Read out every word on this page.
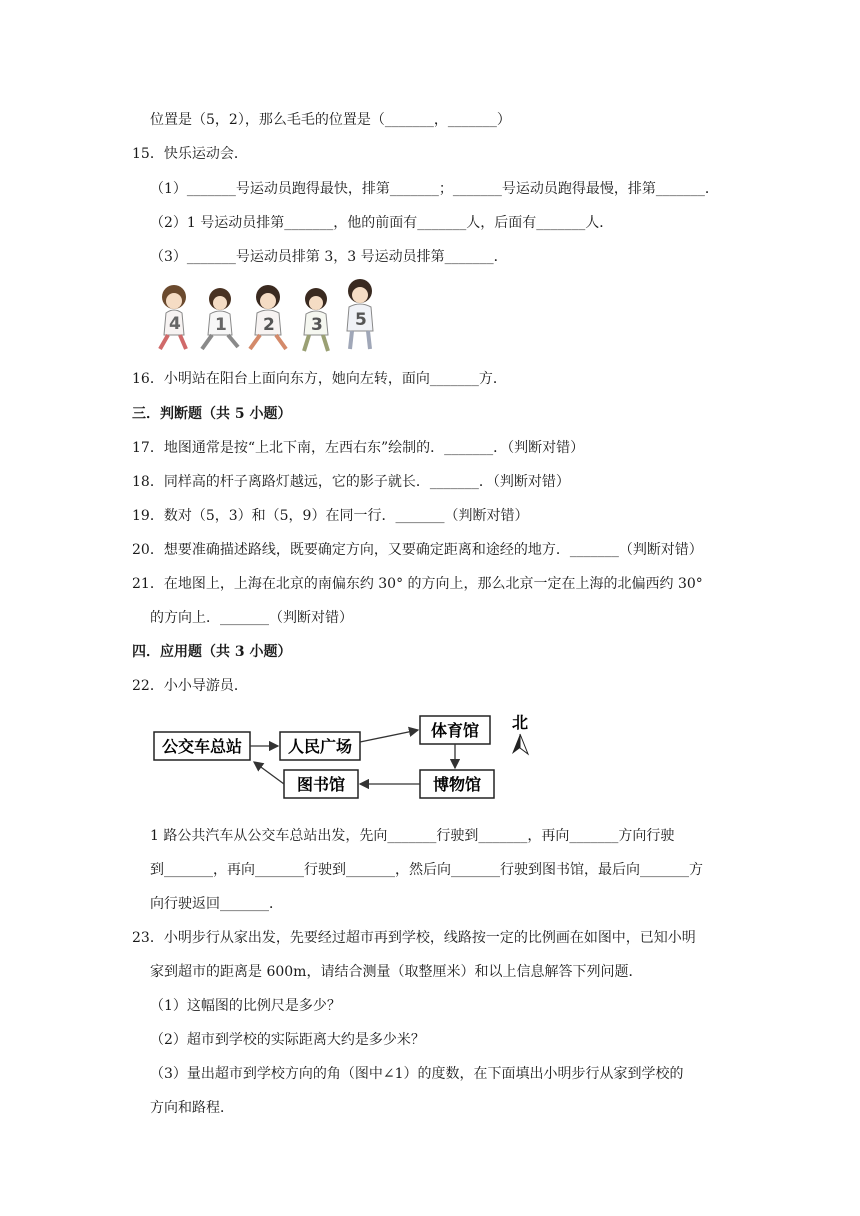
位置是（5，2），那么毛毛的位置是（_______，_______）
15．快乐运动会．
（1）_______号运动员跑得最快，排第_______；_______号运动员跑得最慢，排第_______．
（2）1 号运动员排第_______，他的前面有_______人，后面有_______人．
（3）_______号运动员排第 3，3 号运动员排第_______．
4 1 2 3 5
16．小明站在阳台上面向东方，她向左转，面向_______方．
三．判断题（共 5 小题）
17．地图通常是按“上北下南，左西右东”绘制的．_______．（判断对错）
18．同样高的杆子离路灯越远，它的影子就长．_______．（判断对错）
19．数对（5，3）和（5，9）在同一行．_______（判断对错）
20．想要准确描述路线，既要确定方向，又要确定距离和途经的地方．_______（判断对错）
21．在地图上，上海在北京的南偏东约 30° 的方向上，那么北京一定在上海的北偏西约 30°
的方向上．_______（判断对错）
四．应用题（共 3 小题）
22．小小导游员．
公交车总站	人民广场
体育馆
博物馆
图书馆
北
1 路公共汽车从公交车总站出发，先向_______行驶到_______，再向_______方向行驶
到_______，再向_______行驶到_______，然后向_______行驶到图书馆，最后向_______方
向行驶返回_______．
23．小明步行从家出发，先要经过超市再到学校，线路按一定的比例画在如图中，已知小明
家到超市的距离是 600m，请结合测量（取整厘米）和以上信息解答下列问题．
（1）这幅图的比例尺是多少？
（2）超市到学校的实际距离大约是多少米？
（3）量出超市到学校方向的角（图中∠1）的度数，在下面填出小明步行从家到学校的
方向和路程．
